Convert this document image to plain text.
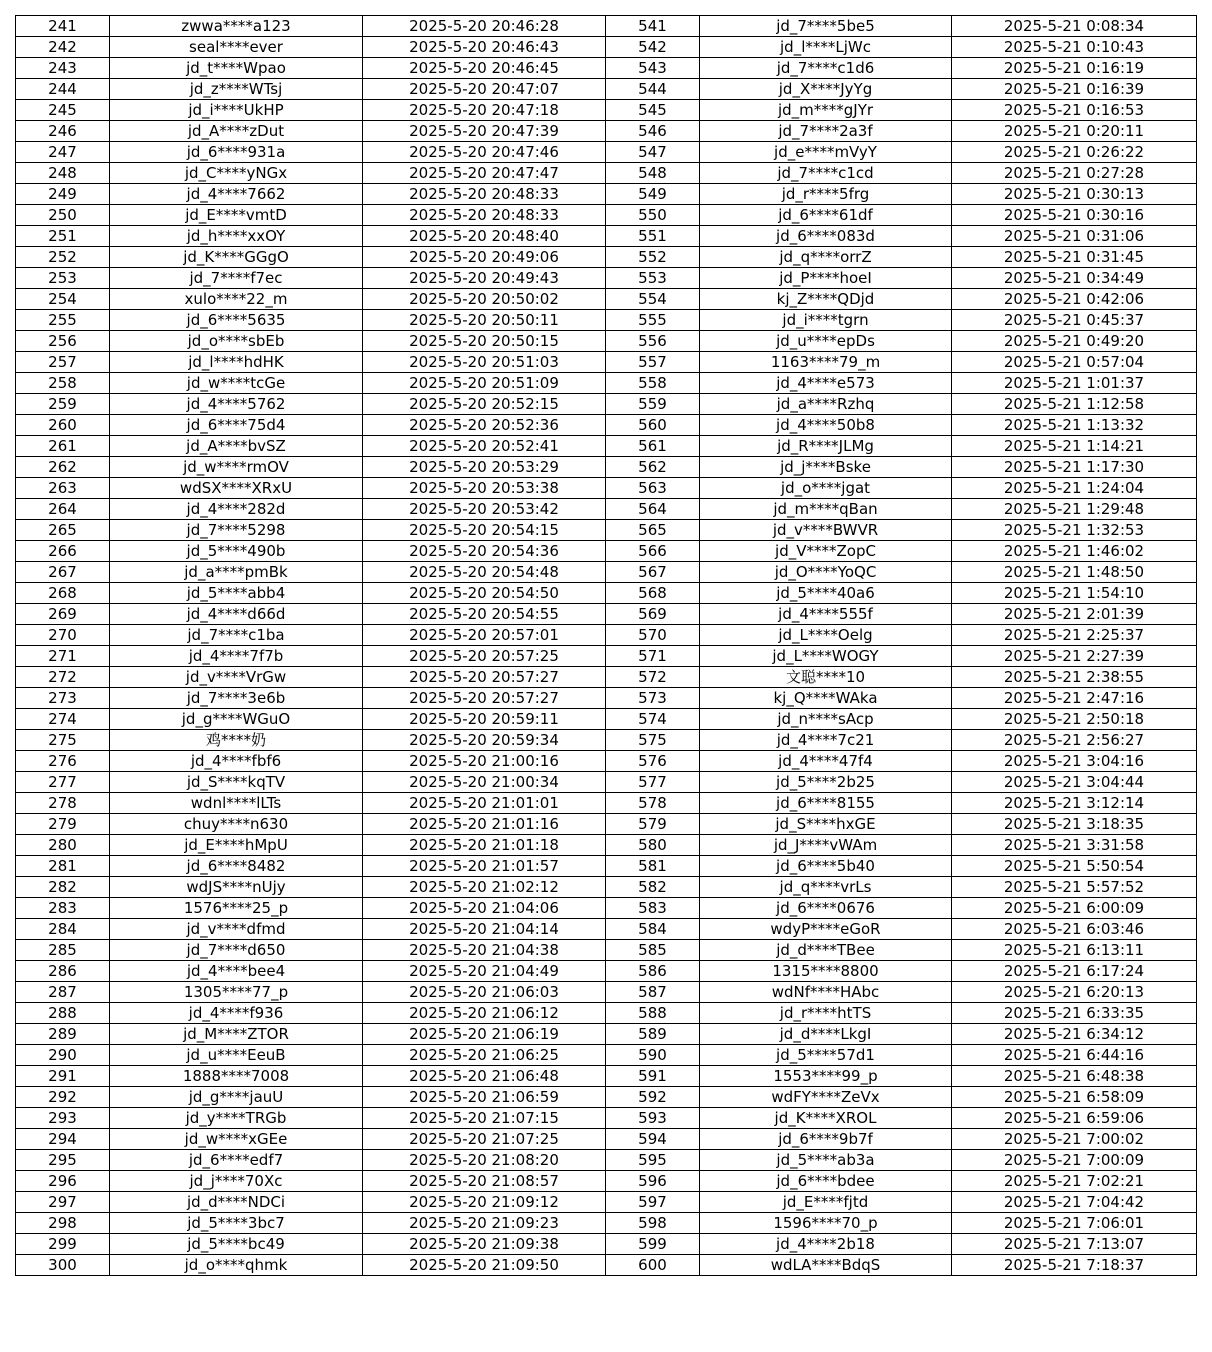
241	zwwa****a123	2025-5-20 20:46:28	541	jd_7****5be5	2025-5-21 0:08:34
242	seal****ever	2025-5-20 20:46:43	542	jd_l****LjWc	2025-5-21 0:10:43
243	jd_t****Wpao	2025-5-20 20:46:45	543	jd_7****c1d6	2025-5-21 0:16:19
244	jd_z****WTsj	2025-5-20 20:47:07	544	jd_X****JyYg	2025-5-21 0:16:39
245	jd_i****UkHP	2025-5-20 20:47:18	545	jd_m****gJYr	2025-5-21 0:16:53
246	jd_A****zDut	2025-5-20 20:47:39	546	jd_7****2a3f	2025-5-21 0:20:11
247	jd_6****931a	2025-5-20 20:47:46	547	jd_e****mVyY	2025-5-21 0:26:22
248	jd_C****yNGx	2025-5-20 20:47:47	548	jd_7****c1cd	2025-5-21 0:27:28
249	jd_4****7662	2025-5-20 20:48:33	549	jd_r****5frg	2025-5-21 0:30:13
250	jd_E****vmtD	2025-5-20 20:48:33	550	jd_6****61df	2025-5-21 0:30:16
251	jd_h****xxOY	2025-5-20 20:48:40	551	jd_6****083d	2025-5-21 0:31:06
252	jd_K****GGgO	2025-5-20 20:49:06	552	jd_q****orrZ	2025-5-21 0:31:45
253	jd_7****f7ec	2025-5-20 20:49:43	553	jd_P****hoeI	2025-5-21 0:34:49
254	xulo****22_m	2025-5-20 20:50:02	554	kj_Z****QDjd	2025-5-21 0:42:06
255	jd_6****5635	2025-5-20 20:50:11	555	jd_i****tgrn	2025-5-21 0:45:37
256	jd_o****sbEb	2025-5-20 20:50:15	556	jd_u****epDs	2025-5-21 0:49:20
257	jd_l****hdHK	2025-5-20 20:51:03	557	1163****79_m	2025-5-21 0:57:04
258	jd_w****tcGe	2025-5-20 20:51:09	558	jd_4****e573	2025-5-21 1:01:37
259	jd_4****5762	2025-5-20 20:52:15	559	jd_a****Rzhq	2025-5-21 1:12:58
260	jd_6****75d4	2025-5-20 20:52:36	560	jd_4****50b8	2025-5-21 1:13:32
261	jd_A****bvSZ	2025-5-20 20:52:41	561	jd_R****JLMg	2025-5-21 1:14:21
262	jd_w****rmOV	2025-5-20 20:53:29	562	jd_j****Bske	2025-5-21 1:17:30
263	wdSX****XRxU	2025-5-20 20:53:38	563	jd_o****jgat	2025-5-21 1:24:04
264	jd_4****282d	2025-5-20 20:53:42	564	jd_m****qBan	2025-5-21 1:29:48
265	jd_7****5298	2025-5-20 20:54:15	565	jd_v****BWVR	2025-5-21 1:32:53
266	jd_5****490b	2025-5-20 20:54:36	566	jd_V****ZopC	2025-5-21 1:46:02
267	jd_a****pmBk	2025-5-20 20:54:48	567	jd_O****YoQC	2025-5-21 1:48:50
268	jd_5****abb4	2025-5-20 20:54:50	568	jd_5****40a6	2025-5-21 1:54:10
269	jd_4****d66d	2025-5-20 20:54:55	569	jd_4****555f	2025-5-21 2:01:39
270	jd_7****c1ba	2025-5-20 20:57:01	570	jd_L****Oelg	2025-5-21 2:25:37
271	jd_4****7f7b	2025-5-20 20:57:25	571	jd_L****WOGY	2025-5-21 2:27:39
272	jd_v****VrGw	2025-5-20 20:57:27	572	文聪****10	2025-5-21 2:38:55
273	jd_7****3e6b	2025-5-20 20:57:27	573	kj_Q****WAka	2025-5-21 2:47:16
274	jd_g****WGuO	2025-5-20 20:59:11	574	jd_n****sAcp	2025-5-21 2:50:18
275	鸡****奶	2025-5-20 20:59:34	575	jd_4****7c21	2025-5-21 2:56:27
276	jd_4****fbf6	2025-5-20 21:00:16	576	jd_4****47f4	2025-5-21 3:04:16
277	jd_S****kqTV	2025-5-20 21:00:34	577	jd_5****2b25	2025-5-21 3:04:44
278	wdnl****lLTs	2025-5-20 21:01:01	578	jd_6****8155	2025-5-21 3:12:14
279	chuy****n630	2025-5-20 21:01:16	579	jd_S****hxGE	2025-5-21 3:18:35
280	jd_E****hMpU	2025-5-20 21:01:18	580	jd_J****vWAm	2025-5-21 3:31:58
281	jd_6****8482	2025-5-20 21:01:57	581	jd_6****5b40	2025-5-21 5:50:54
282	wdJS****nUjy	2025-5-20 21:02:12	582	jd_q****vrLs	2025-5-21 5:57:52
283	1576****25_p	2025-5-20 21:04:06	583	jd_6****0676	2025-5-21 6:00:09
284	jd_v****dfmd	2025-5-20 21:04:14	584	wdyP****eGoR	2025-5-21 6:03:46
285	jd_7****d650	2025-5-20 21:04:38	585	jd_d****TBee	2025-5-21 6:13:11
286	jd_4****bee4	2025-5-20 21:04:49	586	1315****8800	2025-5-21 6:17:24
287	1305****77_p	2025-5-20 21:06:03	587	wdNf****HAbc	2025-5-21 6:20:13
288	jd_4****f936	2025-5-20 21:06:12	588	jd_r****htTS	2025-5-21 6:33:35
289	jd_M****ZTOR	2025-5-20 21:06:19	589	jd_d****LkgI	2025-5-21 6:34:12
290	jd_u****EeuB	2025-5-20 21:06:25	590	jd_5****57d1	2025-5-21 6:44:16
291	1888****7008	2025-5-20 21:06:48	591	1553****99_p	2025-5-21 6:48:38
292	jd_g****jauU	2025-5-20 21:06:59	592	wdFY****ZeVx	2025-5-21 6:58:09
293	jd_y****TRGb	2025-5-20 21:07:15	593	jd_K****XROL	2025-5-21 6:59:06
294	jd_w****xGEe	2025-5-20 21:07:25	594	jd_6****9b7f	2025-5-21 7:00:02
295	jd_6****edf7	2025-5-20 21:08:20	595	jd_5****ab3a	2025-5-21 7:00:09
296	jd_j****70Xc	2025-5-20 21:08:57	596	jd_6****bdee	2025-5-21 7:02:21
297	jd_d****NDCi	2025-5-20 21:09:12	597	jd_E****fjtd	2025-5-21 7:04:42
298	jd_5****3bc7	2025-5-20 21:09:23	598	1596****70_p	2025-5-21 7:06:01
299	jd_5****bc49	2025-5-20 21:09:38	599	jd_4****2b18	2025-5-21 7:13:07
300	jd_o****qhmk	2025-5-20 21:09:50	600	wdLA****BdqS	2025-5-21 7:18:37
